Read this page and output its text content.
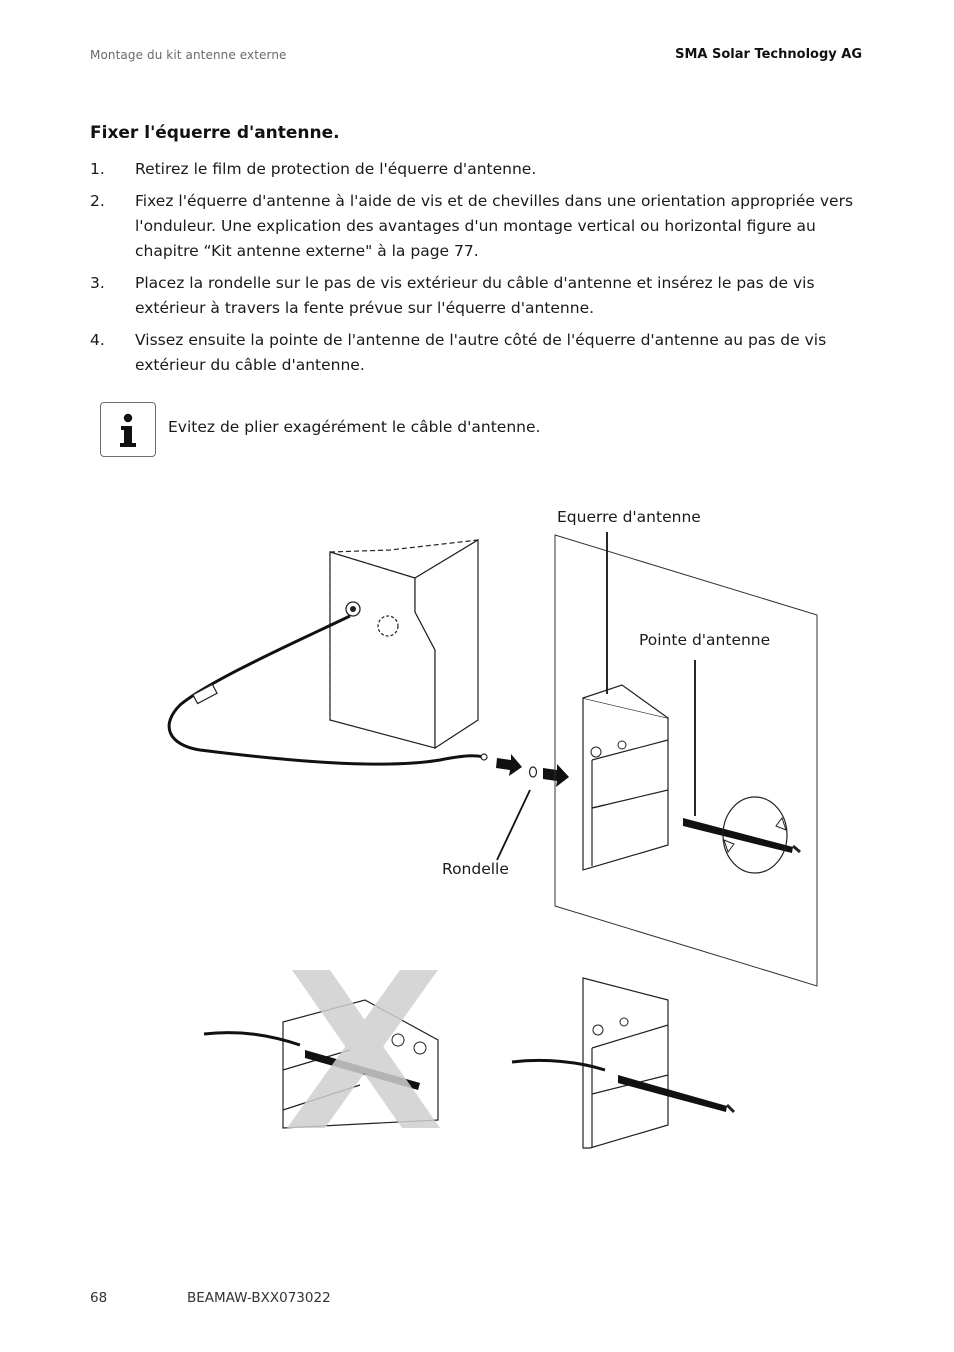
Montage du kit antenne externe	SMA Solar Technology AG
Fixer l'équerre d'antenne.
1. Retirez le film de protection de l'équerre d'antenne.
2. Fixez l'équerre d'antenne à l'aide de vis et de chevilles dans une orientation appropriée vers l'onduleur. Une explication des avantages d'un montage vertical ou horizontal figure au chapitre “Kit antenne externe" à la page 77.
3. Placez la rondelle sur le pas de vis extérieur du câble d'antenne et insérez le pas de vis extérieur à travers la fente prévue sur l'équerre d'antenne.
4. Vissez ensuite la pointe de l'antenne de l'autre côté de l'équerre d'antenne au pas de vis extérieur du câble d'antenne.
Evitez de plier exagérément le câble d'antenne.
Equerre d'antenne
Pointe d'antenne
Rondelle
68	BEAMAW-BXX073022
